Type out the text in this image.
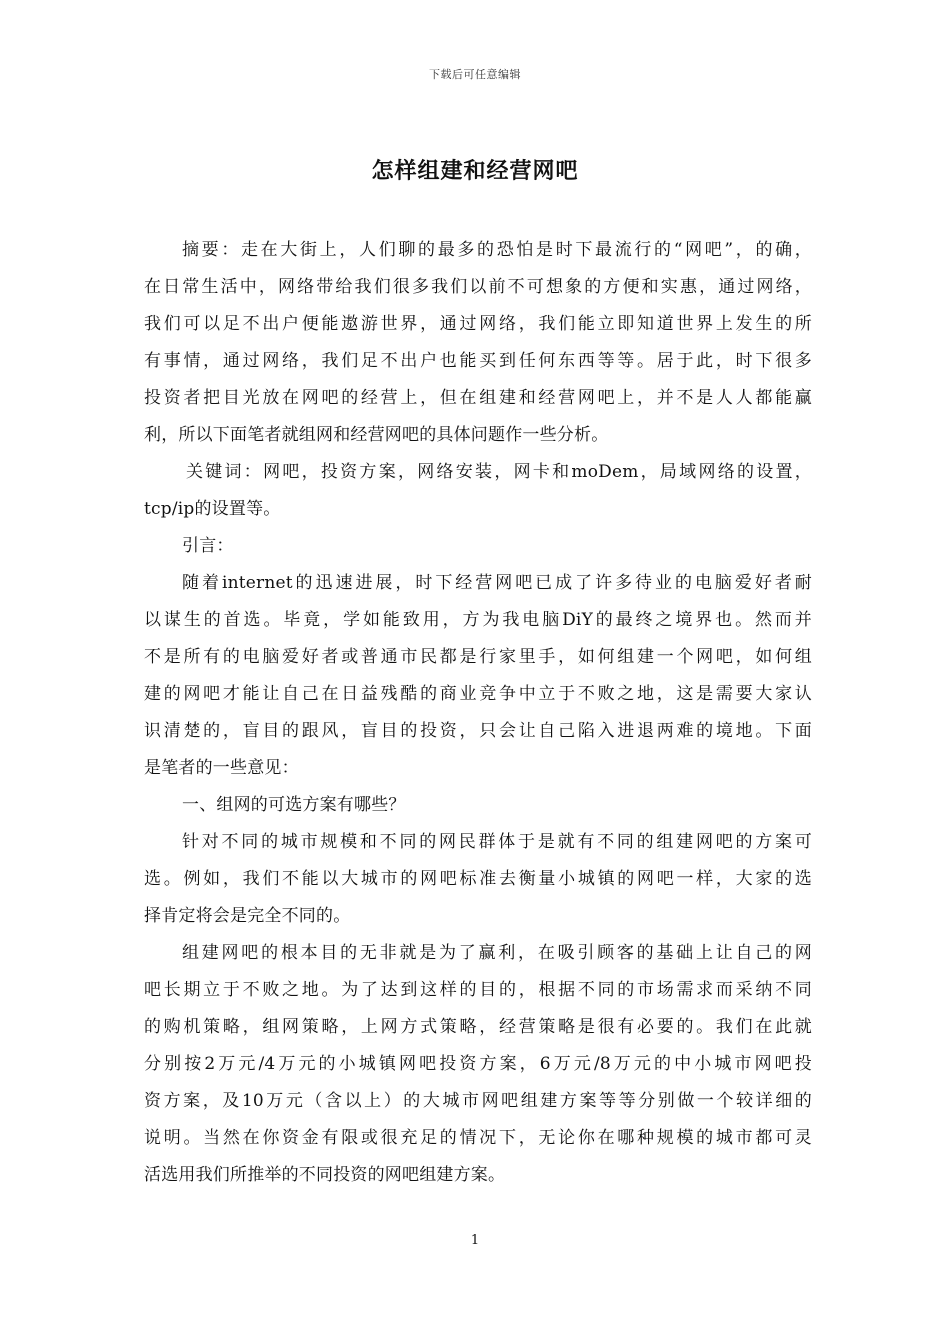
下载后可任意编辑
怎样组建和经营网吧
摘要：走在大街上，人们聊的最多的恐怕是时下最流行的“网吧”，的确，
在日常生活中，网络带给我们很多我们以前不可想象的方便和实惠，通过网络，
我们可以足不出户便能遨游世界，通过网络，我们能立即知道世界上发生的所
有事情，通过网络，我们足不出户也能买到任何东西等等。居于此，时下很多
投资者把目光放在网吧的经营上，但在组建和经营网吧上，并不是人人都能赢
利，所以下面笔者就组网和经营网吧的具体问题作一些分析。
关键词：网吧，投资方案，网络安装，网卡和moDem，局域网络的设置，
tcp/ip的设置等。
引言：
随着internet的迅速进展，时下经营网吧已成了许多待业的电脑爱好者耐
以谋生的首选。毕竟，学如能致用，方为我电脑DiY的最终之境界也。然而并
不是所有的电脑爱好者或普通市民都是行家里手，如何组建一个网吧，如何组
建的网吧才能让自己在日益残酷的商业竞争中立于不败之地，这是需要大家认
识清楚的，盲目的跟风，盲目的投资，只会让自己陷入进退两难的境地。下面
是笔者的一些意见：
一、组网的可选方案有哪些？
针对不同的城市规模和不同的网民群体于是就有不同的组建网吧的方案可
选。例如，我们不能以大城市的网吧标准去衡量小城镇的网吧一样，大家的选
择肯定将会是完全不同的。
组建网吧的根本目的无非就是为了赢利，在吸引顾客的基础上让自己的网
吧长期立于不败之地。为了达到这样的目的，根据不同的市场需求而采纳不同
的购机策略，组网策略，上网方式策略，经营策略是很有必要的。我们在此就
分别按2万元/4万元的小城镇网吧投资方案，6万元/8万元的中小城市网吧投
资方案，及10万元（含以上）的大城市网吧组建方案等等分别做一个较详细的
说明。当然在你资金有限或很充足的情况下，无论你在哪种规模的城市都可灵
活选用我们所推举的不同投资的网吧组建方案。
1
